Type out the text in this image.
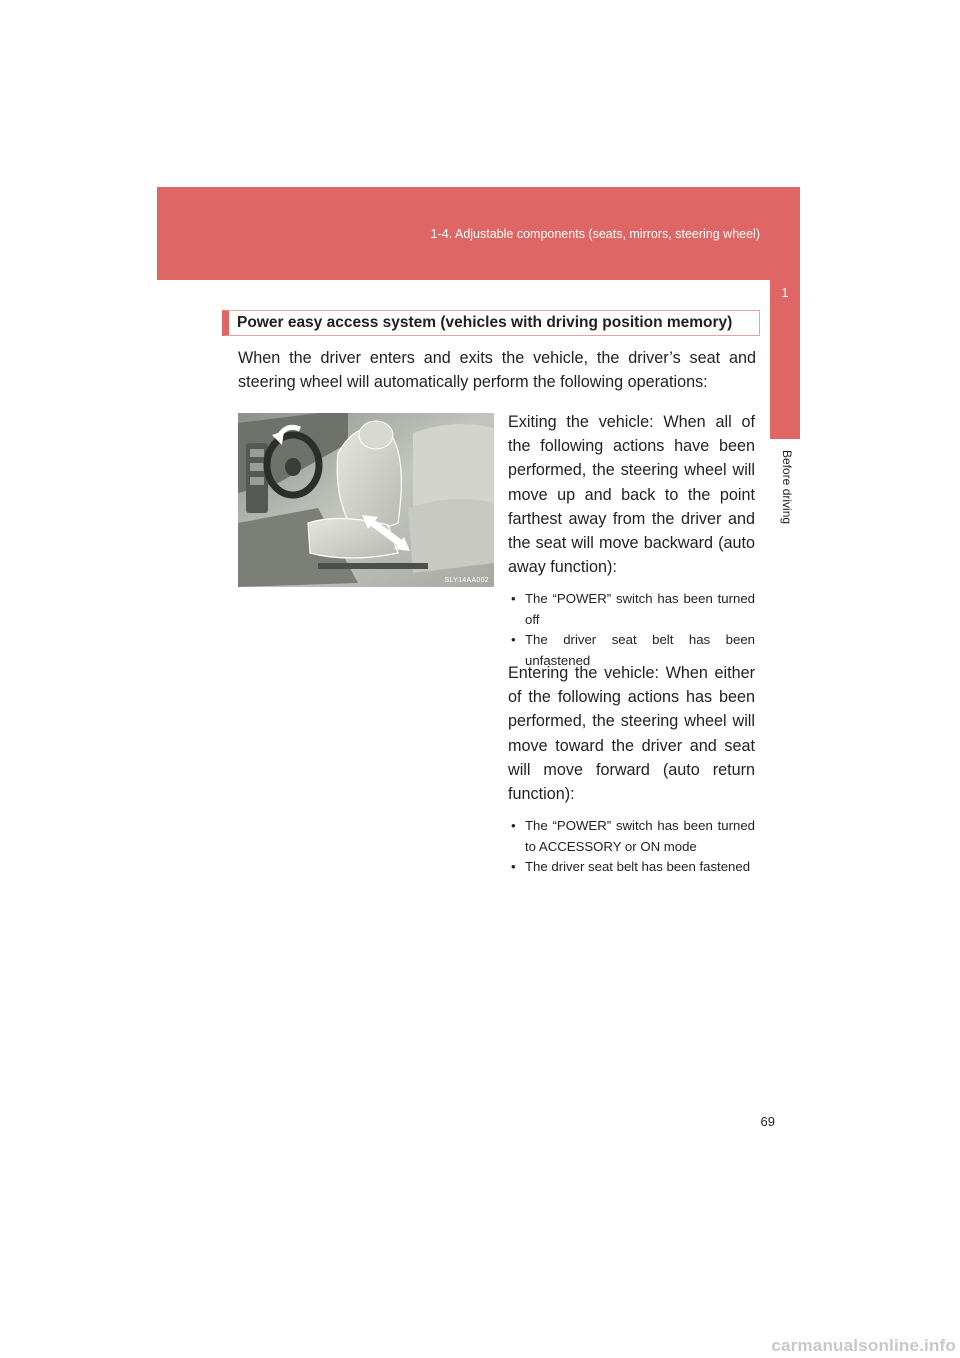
1-4. Adjustable components (seats, mirrors, steering wheel)
1
Before driving
Power easy access system (vehicles with driving position memory)
When the driver enters and exits the vehicle, the driver’s seat and steering wheel will automatically perform the following operations:
SLY14AA002

Exiting the vehicle: When all of the following actions have been performed, the steering wheel will move up and back to the point farthest away from the driver and the seat will move backward (auto away function):

• The “POWER” switch has been turned off
• The driver seat belt has been unfastened

Entering the vehicle: When either of the following actions has been performed, the steering wheel will move toward the driver and seat will move forward (auto return function):

• The “POWER” switch has been turned to ACCESSORY or ON mode
• The driver seat belt has been fastened
69
carmanualsonline.info
